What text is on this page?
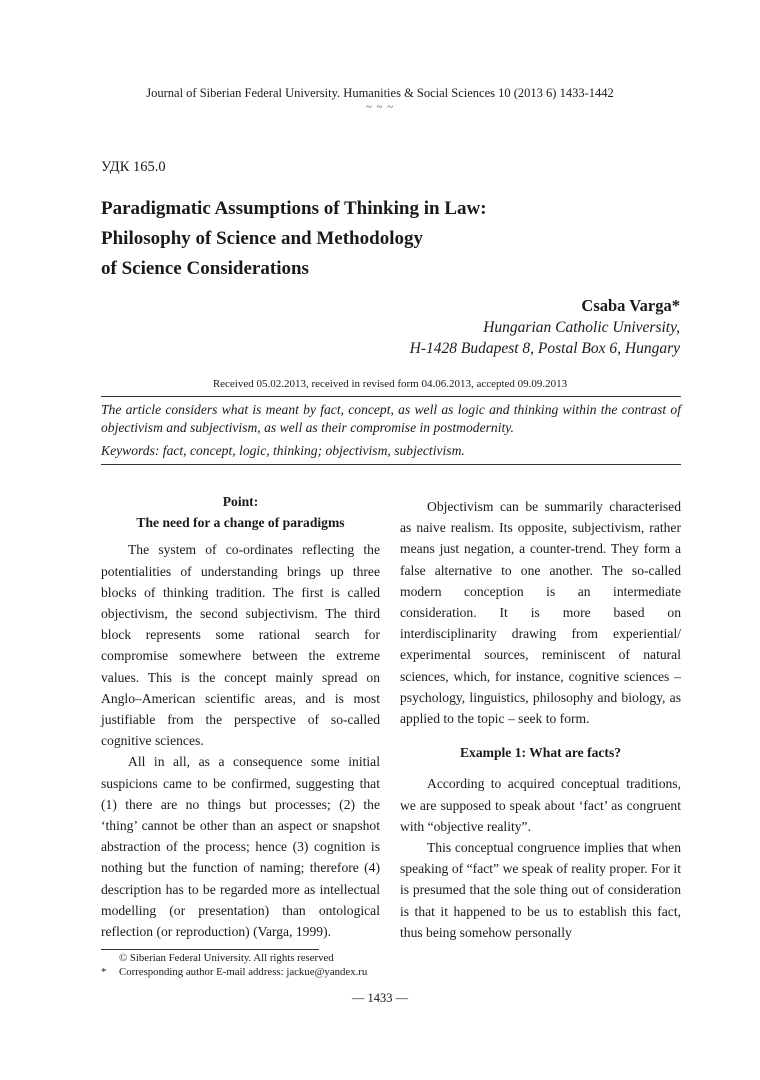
Journal of Siberian Federal University. Humanities & Social Sciences 10 (2013 6) 1433-1442
~ ~ ~
УДК 165.0
Paradigmatic Assumptions of Thinking in Law:
Philosophy of Science and Methodology
of Science Considerations
Csaba Varga*
Hungarian Catholic University,
H-1428 Budapest 8, Postal Box 6, Hungary
Received 05.02.2013, received in revised form 04.06.2013, accepted 09.09.2013
The article considers what is meant by fact, concept, as well as logic and thinking within the contrast of objectivism and subjectivism, as well as their compromise in postmodernity.
Keywords: fact, concept, logic, thinking; objectivism, subjectivism.

Point:

The need for a change of paradigms

The system of co-ordinates reflecting the potentialities of understanding brings up three blocks of thinking tradition. The first is called objectivism, the second subjectivism. The third block represents some rational search for compromise somewhere between the extreme values. This is the concept mainly spread on Anglo–American scientific areas, and is most justifiable from the perspective of so-called cognitive sciences.

All in all, as a consequence some initial suspicions came to be confirmed, suggesting that (1) there are no things but processes; (2) the ‘thing’ cannot be other than an aspect or snapshot abstraction of the process; hence (3) cognition is nothing but the function of naming; therefore (4) description has to be regarded more as intellectual modelling (or presentation) than ontological reflection (or reproduction) (Varga, 1999).

Objectivism can be summarily characterised as naive realism. Its opposite, subjectivism, rather means just negation, a counter-trend. They form a false alternative to one another. The so-called modern conception is an intermediate consideration. It is more based on interdisciplinarity drawing from experiential/ experimental sources, reminiscent of natural sciences, which, for instance, cognitive sciences – psychology, linguistics, philosophy and biology, as applied to the topic – seek to form.

Example 1: What are facts?

According to acquired conceptual traditions, we are supposed to speak about ‘fact’ as congruent with “objective reality”.

This conceptual congruence implies that when speaking of “fact” we speak of reality proper. For it is presumed that the sole thing out of consideration is that it happened to be us to establish this fact, thus being somehow personally

© Siberian Federal University. All rights reserved
* Corresponding author E-mail address: jackue@yandex.ru
— 1433 —
